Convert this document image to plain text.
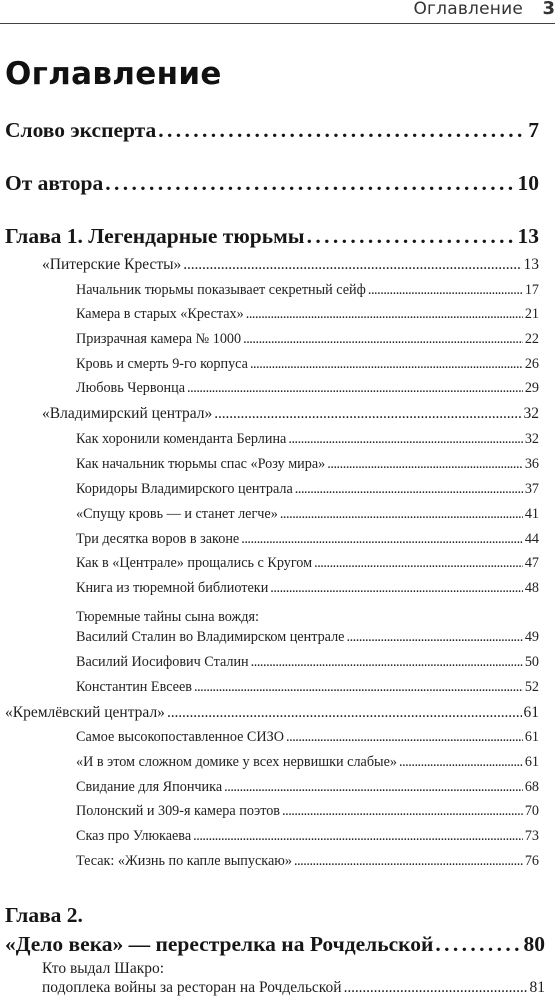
Оглавление 3
Оглавление
Слово эксперта . . .	7
От автора . . .	10
Глава 1. Легендарные тюрьмы . . .	13
«Питерские Кресты» . . .	13
Начальник тюрьмы показывает секретный сейф . . .	17
Камера в старых «Крестах» . . .	21
Призрачная камера № 1000 . . .	22
Кровь и смерть 9-го корпуса . . .	26
Любовь Червонца . . .	29
«Владимирский централ» . . .	32
Как хоронили коменданта Берлина . . .	32
Как начальник тюрьмы спас «Розу мира» . . .	36
Коридоры Владимирского централа . . .	37
«Спущу кровь — и станет легче» . . .	41
Три десятка воров в законе . . .	44
Как в «Централе» прощались с Кругом . . .	47
Книга из тюремной библиотеки . . .	48
Тюремные тайны сына вождя:
Василий Сталин во Владимирском централе . . .	49
Василий Иосифович Сталин . . .	50
Константин Евсеев . . .	52
«Кремлёвский централ» . . .	61
Самое высокопоставленное СИЗО . . .	61
«И в этом сложном домике у всех нервишки слабые» . . .	61
Свидание для Япончика . . .	68
Полонский и 309-я камера поэтов . . .	70
Сказ про Улюкаева . . .	73
Тесак: «Жизнь по капле выпускаю» . . .	76
Глава 2.
«Дело века» — перестрелка на Рочдельской . . .	80
Кто выдал Шакро:
подоплека войны за ресторан на Рочдельской . . .	81
